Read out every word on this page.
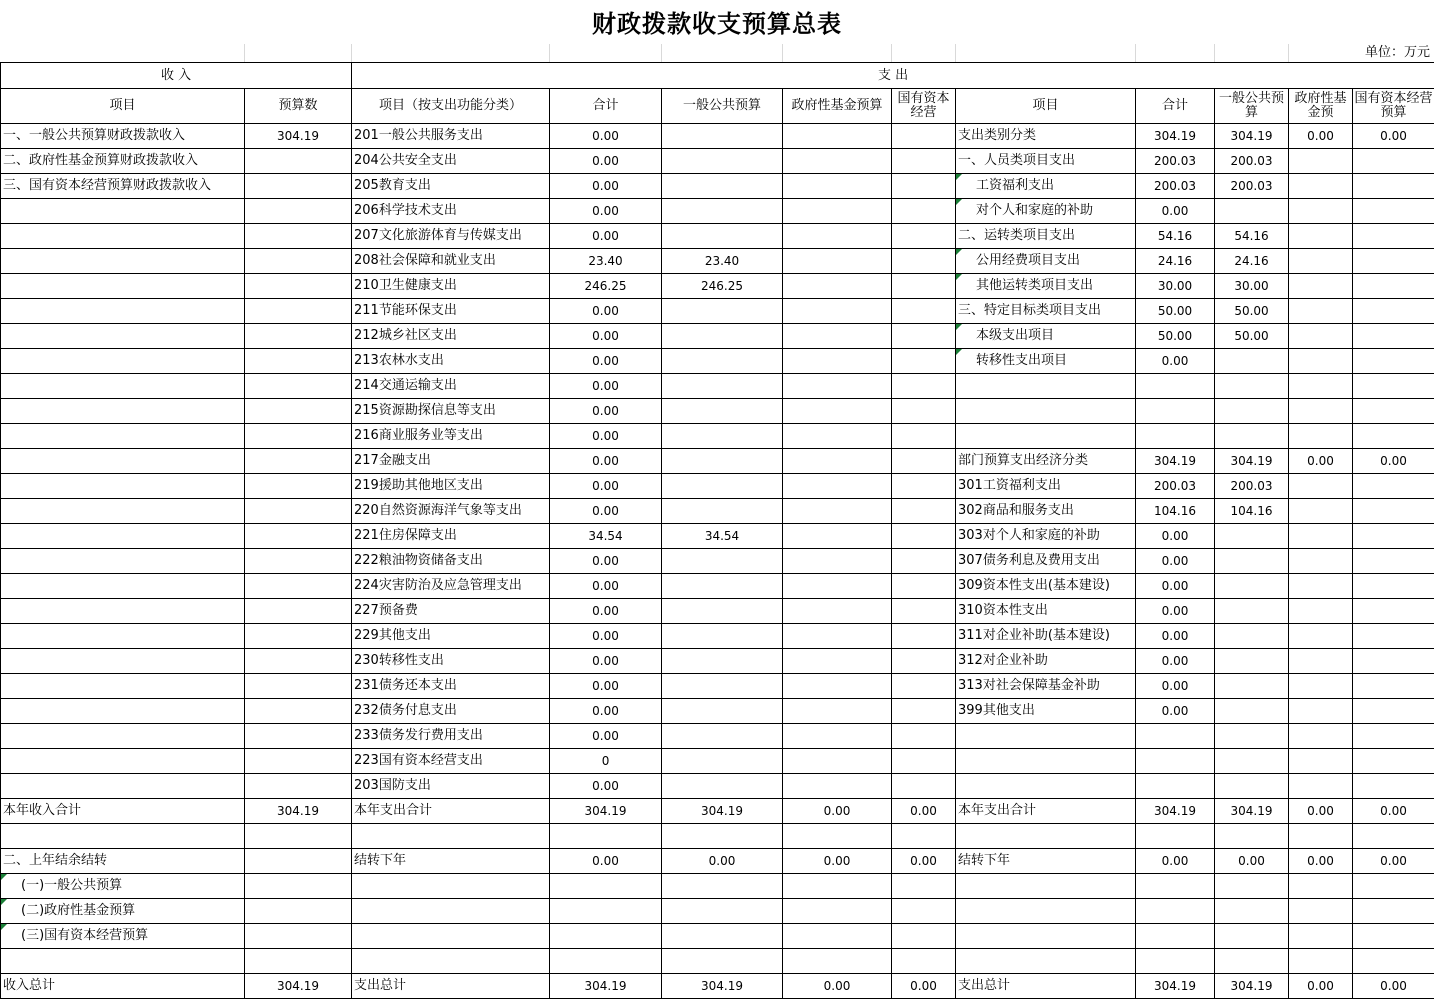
财政拨款收支预算总表
单位：万元
收 入		支 出									
项目	预算数	项目（按支出功能分类）	合计	一般公共预算	政府性基金预算	国有资本经营	项目	合计	一般公共预算	政府性基金预	国有资本经营预算
一、一般公共预算财政拨款收入	304.19	201一般公共服务支出	0.00				支出类别分类	304.19	304.19	0.00	0.00
二、政府性基金预算财政拨款收入		204公共安全支出	0.00				一、人员类项目支出	200.03	200.03		
三、国有资本经营预算财政拨款收入		205教育支出	0.00				工资福利支出	200.03	200.03		
		206科学技术支出	0.00				对个人和家庭的补助	0.00			
		207文化旅游体育与传媒支出	0.00				二、运转类项目支出	54.16	54.16		
		208社会保障和就业支出	23.40	23.40			公用经费项目支出	24.16	24.16		
		210卫生健康支出	246.25	246.25			其他运转类项目支出	30.00	30.00		
		211节能环保支出	0.00				三、特定目标类项目支出	50.00	50.00		
		212城乡社区支出	0.00				本级支出项目	50.00	50.00		
		213农林水支出	0.00				转移性支出项目	0.00			
		214交通运输支出	0.00								
		215资源勘探信息等支出	0.00								
		216商业服务业等支出	0.00								
		217金融支出	0.00				部门预算支出经济分类	304.19	304.19	0.00	0.00
		219援助其他地区支出	0.00				301工资福利支出	200.03	200.03		
		220自然资源海洋气象等支出	0.00				302商品和服务支出	104.16	104.16		
		221住房保障支出	34.54	34.54			303对个人和家庭的补助	0.00			
		222粮油物资储备支出	0.00				307债务利息及费用支出	0.00			
		224灾害防治及应急管理支出	0.00				309资本性支出(基本建设)	0.00			
		227预备费	0.00				310资本性支出	0.00			
		229其他支出	0.00				311对企业补助(基本建设)	0.00			
		230转移性支出	0.00				312对企业补助	0.00			
		231债务还本支出	0.00				313对社会保障基金补助	0.00			
		232债务付息支出	0.00				399其他支出	0.00			
		233债务发行费用支出	0.00								
		223国有资本经营支出	0								
		203国防支出	0.00								
本年收入合计	304.19	本年支出合计	304.19	304.19	0.00	0.00	本年支出合计	304.19	304.19	0.00	0.00

二、上年结余结转		结转下年	0.00	0.00	0.00	0.00	结转下年	0.00	0.00	0.00	0.00
(一)一般公共预算											
(二)政府性基金预算											
(三)国有资本经营预算											

收入总计	304.19	支出总计	304.19	304.19	0.00	0.00	支出总计	304.19	304.19	0.00	0.00
